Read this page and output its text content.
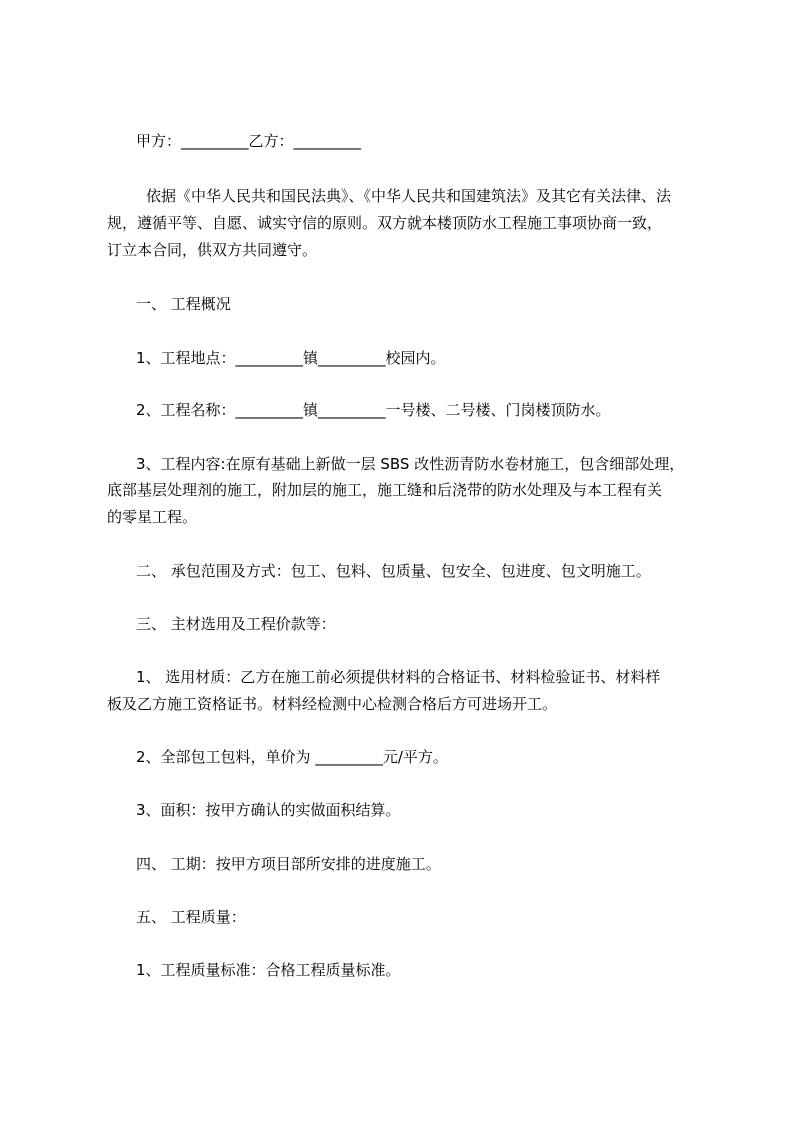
甲方：_________乙方：_________
依据《中华人民共和国民法典》、《中华人民共和国建筑法》及其它有关法律、法
规，遵循平等、自愿、诚实守信的原则。双方就本楼顶防水工程施工事项协商一致，
订立本合同，供双方共同遵守。
一、 工程概况
1、工程地点：_________镇_________校园内。
2、工程名称：_________镇_________一号楼、二号楼、门岗楼顶防水。
3、工程内容:在原有基础上新做一层 SBS 改性沥青防水卷材施工，包含细部处理，
底部基层处理剂的施工，附加层的施工，施工缝和后浇带的防水处理及与本工程有关
的零星工程。
二、 承包范围及方式：包工、包料、包质量、包安全、包进度、包文明施工。
三、 主材选用及工程价款等：
1、 选用材质：乙方在施工前必须提供材料的合格证书、材料检验证书、材料样
板及乙方施工资格证书。材料经检测中心检测合格后方可进场开工。
2、全部包工包料，单价为 _________元/平方。
3、面积：按甲方确认的实做面积结算。
四、 工期：按甲方项目部所安排的进度施工。
五、 工程质量：
1、工程质量标准：合格工程质量标准。
